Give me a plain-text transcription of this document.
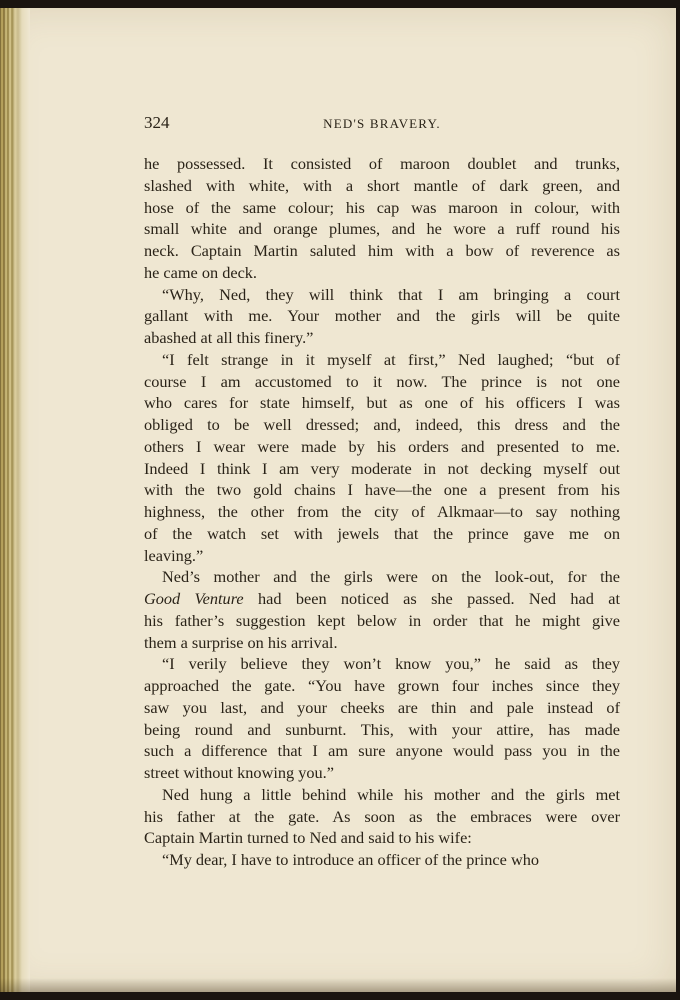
324	NED'S BRAVERY.
he possessed. It consisted of maroon doublet and trunks,
slashed with white, with a short mantle of dark green, and
hose of the same colour; his cap was maroon in colour, with
small white and orange plumes, and he wore a ruff round his
neck. Captain Martin saluted him with a bow of reverence as
he came on deck.
“Why, Ned, they will think that I am bringing a court
gallant with me. Your mother and the girls will be quite
abashed at all this finery.”
“I felt strange in it myself at first,” Ned laughed; “but of
course I am accustomed to it now. The prince is not one
who cares for state himself, but as one of his officers I was
obliged to be well dressed; and, indeed, this dress and the
others I wear were made by his orders and presented to me.
Indeed I think I am very moderate in not decking myself out
with the two gold chains I have—the one a present from his
highness, the other from the city of Alkmaar—to say nothing
of the watch set with jewels that the prince gave me on
leaving.”
Ned’s mother and the girls were on the look-out, for the
Good Venture had been noticed as she passed. Ned had at
his father’s suggestion kept below in order that he might give
them a surprise on his arrival.
“I verily believe they won’t know you,” he said as they
approached the gate. “You have grown four inches since they
saw you last, and your cheeks are thin and pale instead of
being round and sunburnt. This, with your attire, has made
such a difference that I am sure anyone would pass you in the
street without knowing you.”
Ned hung a little behind while his mother and the girls met
his father at the gate. As soon as the embraces were over
Captain Martin turned to Ned and said to his wife:
“My dear, I have to introduce an officer of the prince who
